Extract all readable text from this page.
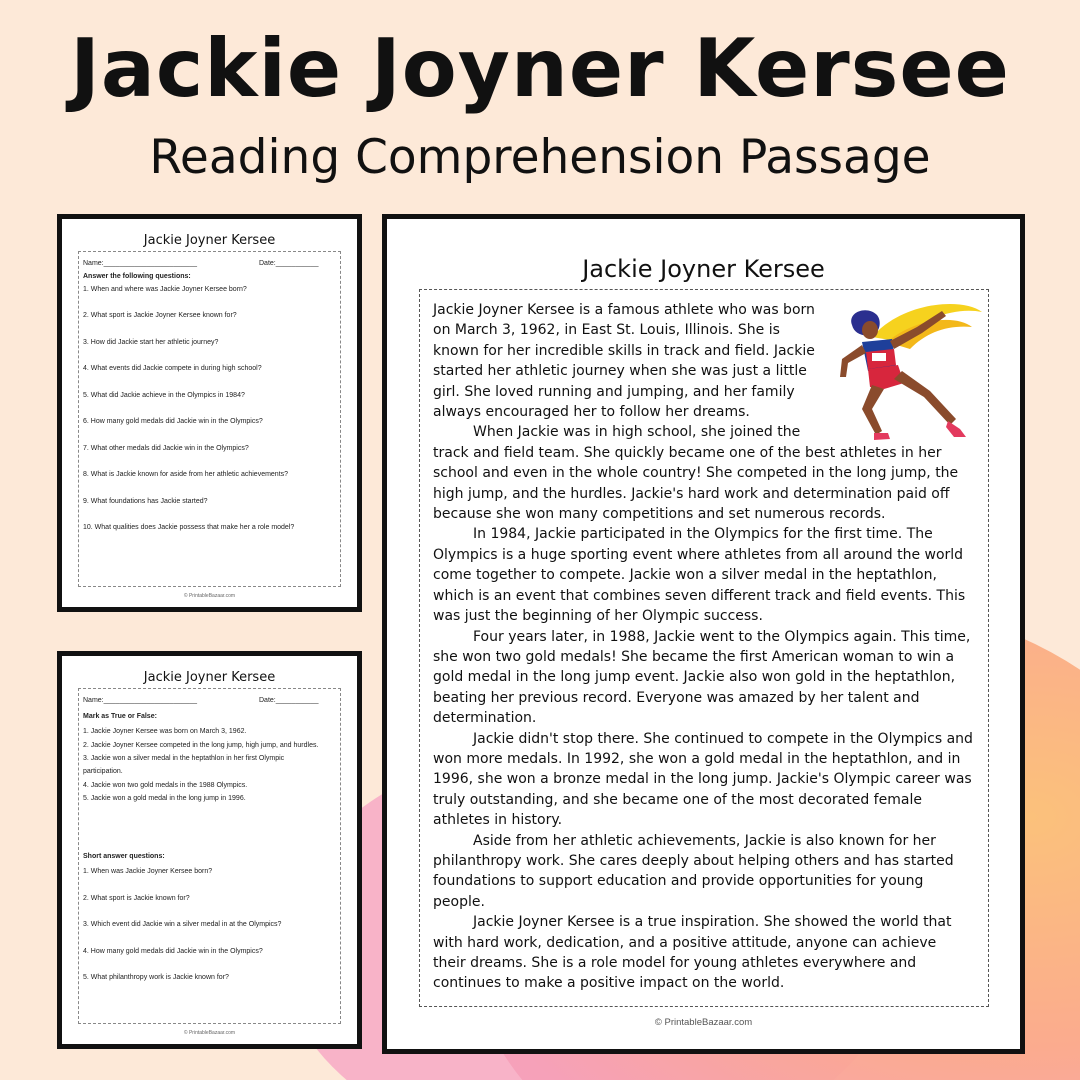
Jackie Joyner Kersee
Reading Comprehension Passage
Jackie Joyner Kersee
Name:________________________	Date:___________
Answer the following questions:
1. When and where was Jackie Joyner Kersee born?
2. What sport is Jackie Joyner Kersee known for?
3. How did Jackie start her athletic journey?
4. What events did Jackie compete in during high school?
5. What did Jackie achieve in the Olympics in 1984?
6. How many gold medals did Jackie win in the Olympics?
7. What other medals did Jackie win in the Olympics?
8. What is Jackie known for aside from her athletic achievements?
9. What foundations has Jackie started?
10. What qualities does Jackie possess that make her a role model?
© PrintableBazaar.com
Jackie Joyner Kersee
Name:________________________	Date:___________
Mark as True or False:
1. Jackie Joyner Kersee was born on March 3, 1962.
2. Jackie Joyner Kersee competed in the long jump, high jump, and hurdles.
3. Jackie won a silver medal in the heptathlon in her first Olympic
participation.
4. Jackie won two gold medals in the 1988 Olympics.
5. Jackie won a gold medal in the long jump in 1996.
Short answer questions:
1. When was Jackie Joyner Kersee born?
2. What sport is Jackie known for?
3. Which event did Jackie win a silver medal in at the Olympics?
4. How many gold medals did Jackie win in the Olympics?
5. What philanthropy work is Jackie known for?
© PrintableBazaar.com
Jackie Joyner Kersee

Jackie Joyner Kersee is a famous athlete who was born on March 3, 1962, in East St. Louis, Illinois. She is known for her incredible skills in track and field. Jackie started her athletic journey when she was just a little girl. She loved running and jumping, and her family always encouraged her to follow her dreams.

When Jackie was in high school, she joined the track and field team. She quickly became one of the best athletes in her school and even in the whole country! She competed in the long jump, the high jump, and the hurdles. Jackie's hard work and determination paid off because she won many competitions and set numerous records.

In 1984, Jackie participated in the Olympics for the first time. The Olympics is a huge sporting event where athletes from all around the world come together to compete. Jackie won a silver medal in the heptathlon, which is an event that combines seven different track and field events. This was just the beginning of her Olympic success.

Four years later, in 1988, Jackie went to the Olympics again. This time, she won two gold medals! She became the first American woman to win a gold medal in the long jump event. Jackie also won gold in the heptathlon, beating her previous record. Everyone was amazed by her talent and determination.

Jackie didn't stop there. She continued to compete in the Olympics and won more medals. In 1992, she won a gold medal in the heptathlon, and in 1996, she won a bronze medal in the long jump. Jackie's Olympic career was truly outstanding, and she became one of the most decorated female athletes in history.

Aside from her athletic achievements, Jackie is also known for her philanthropy work. She cares deeply about helping others and has started foundations to support education and provide opportunities for young people.

Jackie Joyner Kersee is a true inspiration. She showed the world that with hard work, dedication, and a positive attitude, anyone can achieve their dreams. She is a role model for young athletes everywhere and continues to make a positive impact on the world.

© PrintableBazaar.com
